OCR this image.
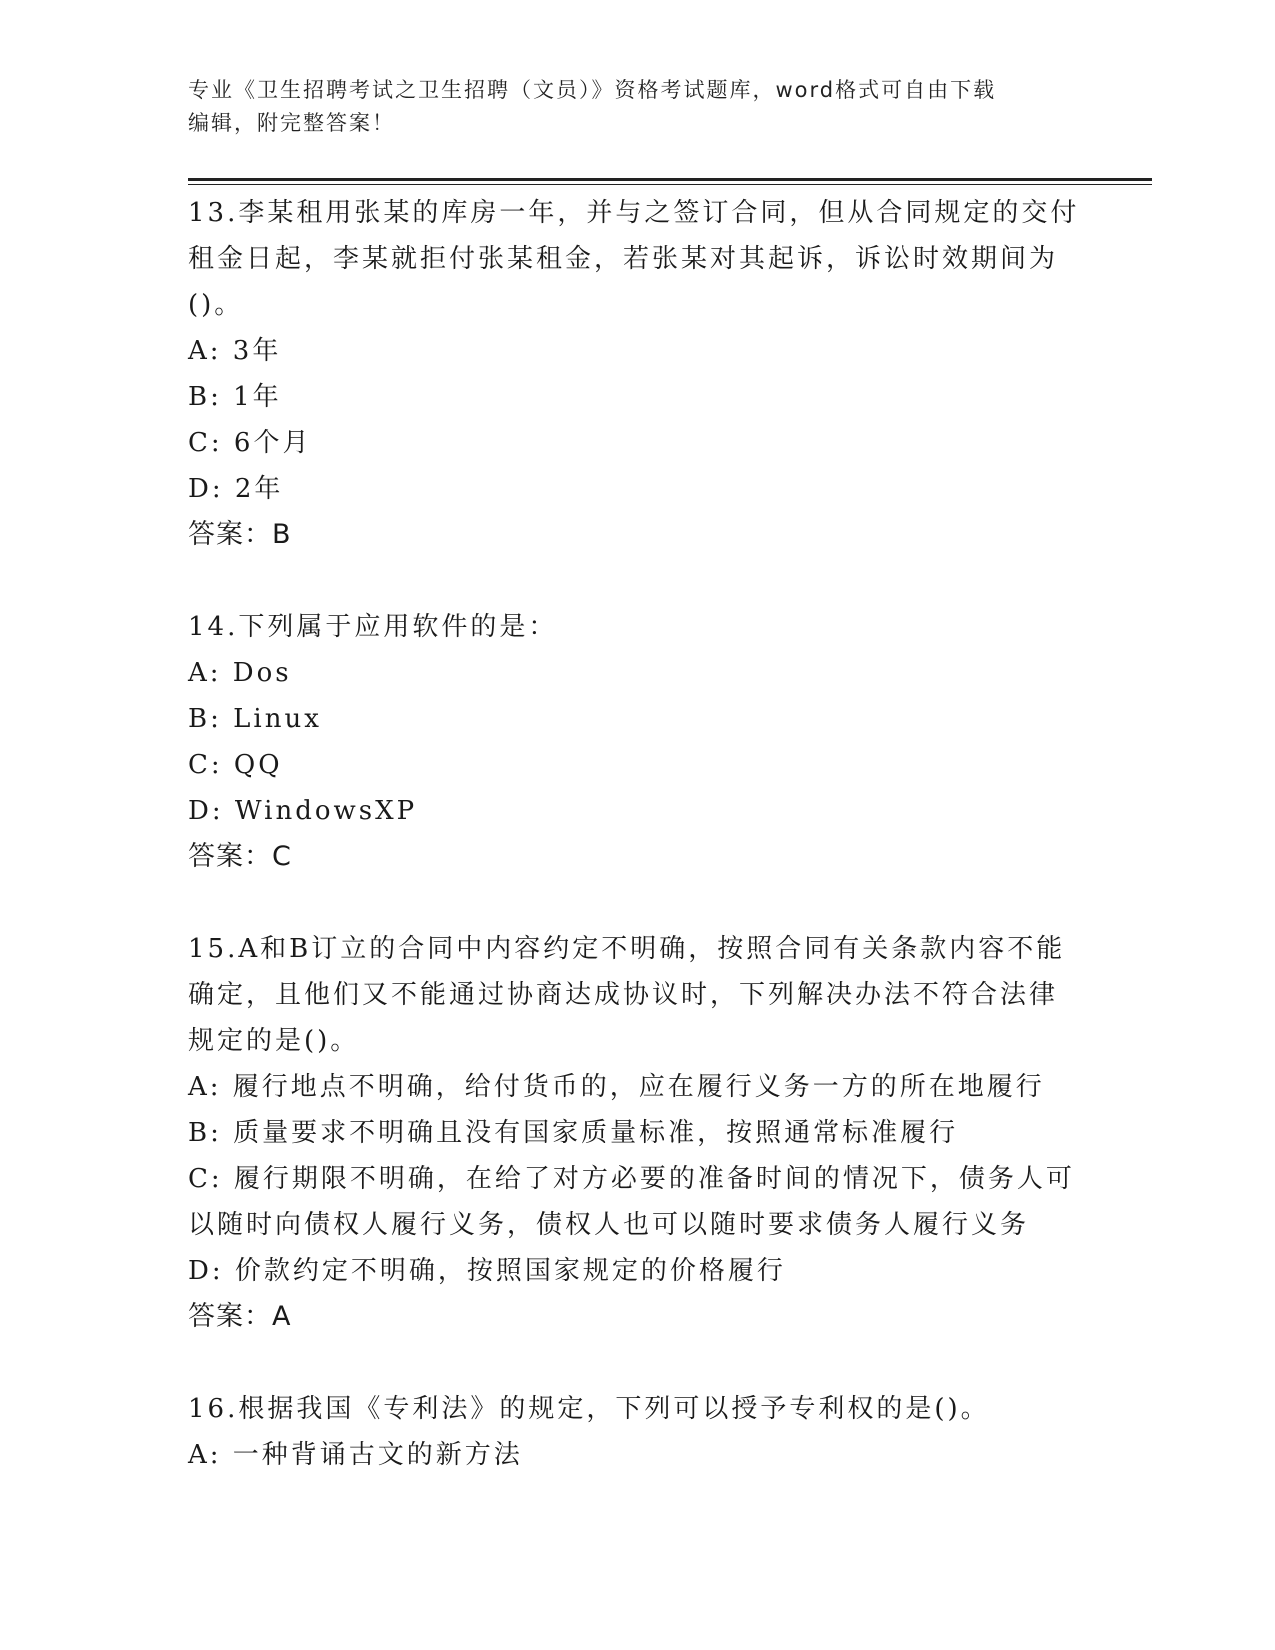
专业《卫生招聘考试之卫生招聘（文员）》资格考试题库，word格式可自由下载
编辑，附完整答案！
13.李某租用张某的库房一年，并与之签订合同，但从合同规定的交付
租金日起，李某就拒付张某租金，若张某对其起诉，诉讼时效期间为
()。
A: 3年
B: 1年
C: 6个月
D: 2年
答案：B
14.下列属于应用软件的是：
A: Dos
B: Linux
C: QQ
D: WindowsXP
答案：C
15.A和B订立的合同中内容约定不明确，按照合同有关条款内容不能
确定，且他们又不能通过协商达成协议时，下列解决办法不符合法律
规定的是()。
A: 履行地点不明确，给付货币的，应在履行义务一方的所在地履行
B: 质量要求不明确且没有国家质量标准，按照通常标准履行
C: 履行期限不明确，在给了对方必要的准备时间的情况下，债务人可
以随时向债权人履行义务，债权人也可以随时要求债务人履行义务
D: 价款约定不明确，按照国家规定的价格履行
答案：A
16.根据我国《专利法》的规定，下列可以授予专利权的是()。
A: 一种背诵古文的新方法
